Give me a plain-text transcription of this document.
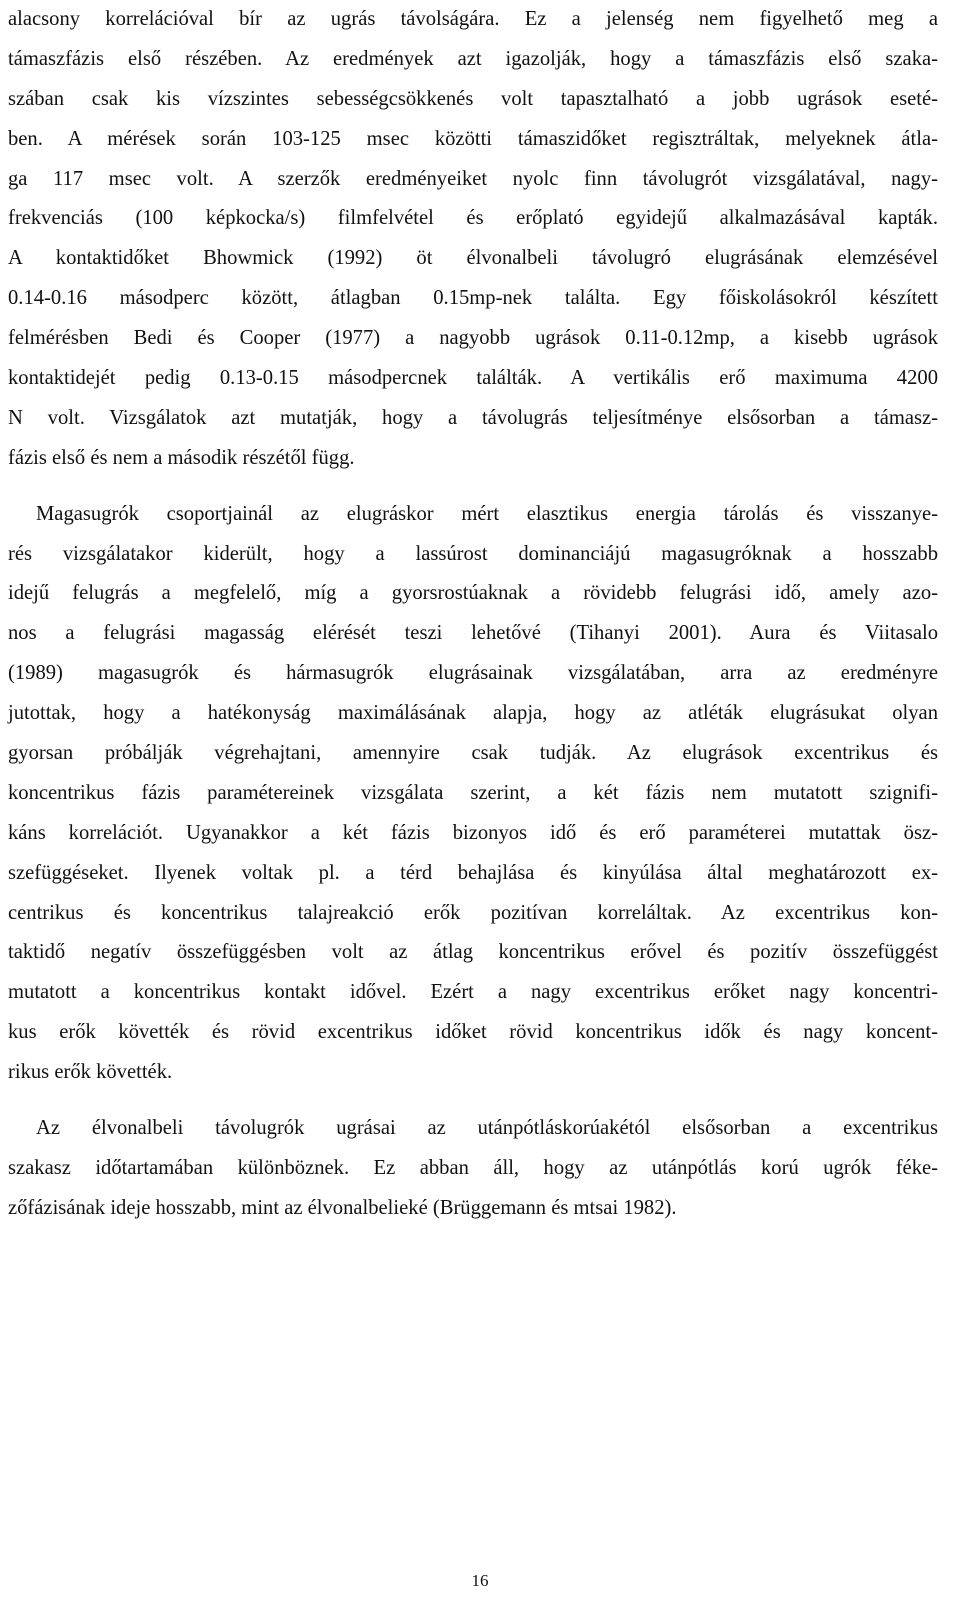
alacsony korrelációval bír az ugrás távolságára. Ez a jelenség nem figyelhető meg a
támaszfázis első részében. Az eredmények azt igazolják, hogy a támaszfázis első szaka-
szában csak kis vízszintes sebességcsökkenés volt tapasztalható a jobb ugrások eseté-
ben. A mérések során 103-125 msec közötti támaszidőket regisztráltak, melyeknek átla-
ga 117 msec volt. A szerzők eredményeiket nyolc finn távolugrót vizsgálatával, nagy-
frekvenciás (100 képkocka/s) filmfelvétel és erőplató egyidejű alkalmazásával kapták.
A kontaktidőket Bhowmick (1992) öt élvonalbeli távolugró elugrásának elemzésével
0.14-0.16 másodperc között, átlagban 0.15mp-nek találta. Egy főiskolásokról készített
felmérésben Bedi és Cooper (1977) a nagyobb ugrások 0.11-0.12mp, a kisebb ugrások
kontaktidejét pedig 0.13-0.15 másodpercnek találták. A vertikális erő maximuma 4200
N volt. Vizsgálatok azt mutatják, hogy a távolugrás teljesítménye elsősorban a támasz-
fázis első és nem a második részétől függ.
Magasugrók csoportjainál az elugráskor mért elasztikus energia tárolás és visszanye-
rés vizsgálatakor kiderült, hogy a lassúrost dominanciájú magasugróknak a hosszabb
idejű felugrás a megfelelő, míg a gyorsrostúaknak a rövidebb felugrási idő, amely azo-
nos a felugrási magasság elérését teszi lehetővé (Tihanyi 2001). Aura és Viitasalo
(1989) magasugrók és hármasugrók elugrásainak vizsgálatában, arra az eredményre
jutottak, hogy a hatékonyság maximálásának alapja, hogy az atléták elugrásukat olyan
gyorsan próbálják végrehajtani, amennyire csak tudják. Az elugrások excentrikus és
koncentrikus fázis paramétereinek vizsgálata szerint, a két fázis nem mutatott szignifi-
káns korrelációt. Ugyanakkor a két fázis bizonyos idő és erő paraméterei mutattak ösz-
szefüggéseket. Ilyenek voltak pl. a térd behajlása és kinyúlása által meghatározott ex-
centrikus és koncentrikus talajreakció erők pozitívan korreláltak. Az excentrikus kon-
taktidő negatív összefüggésben volt az átlag koncentrikus erővel és pozitív összefüggést
mutatott a koncentrikus kontakt idővel. Ezért a nagy excentrikus erőket nagy koncentri-
kus erők követték és rövid excentrikus időket rövid koncentrikus idők és nagy koncent-
rikus erők követték.
Az élvonalbeli távolugrók ugrásai az utánpótláskorúakétól elsősorban a excentrikus
szakasz időtartamában különböznek. Ez abban áll, hogy az utánpótlás korú ugrók féke-
zőfázisának ideje hosszabb, mint az élvonalbelieké (Brüggemann és mtsai 1982).
16
